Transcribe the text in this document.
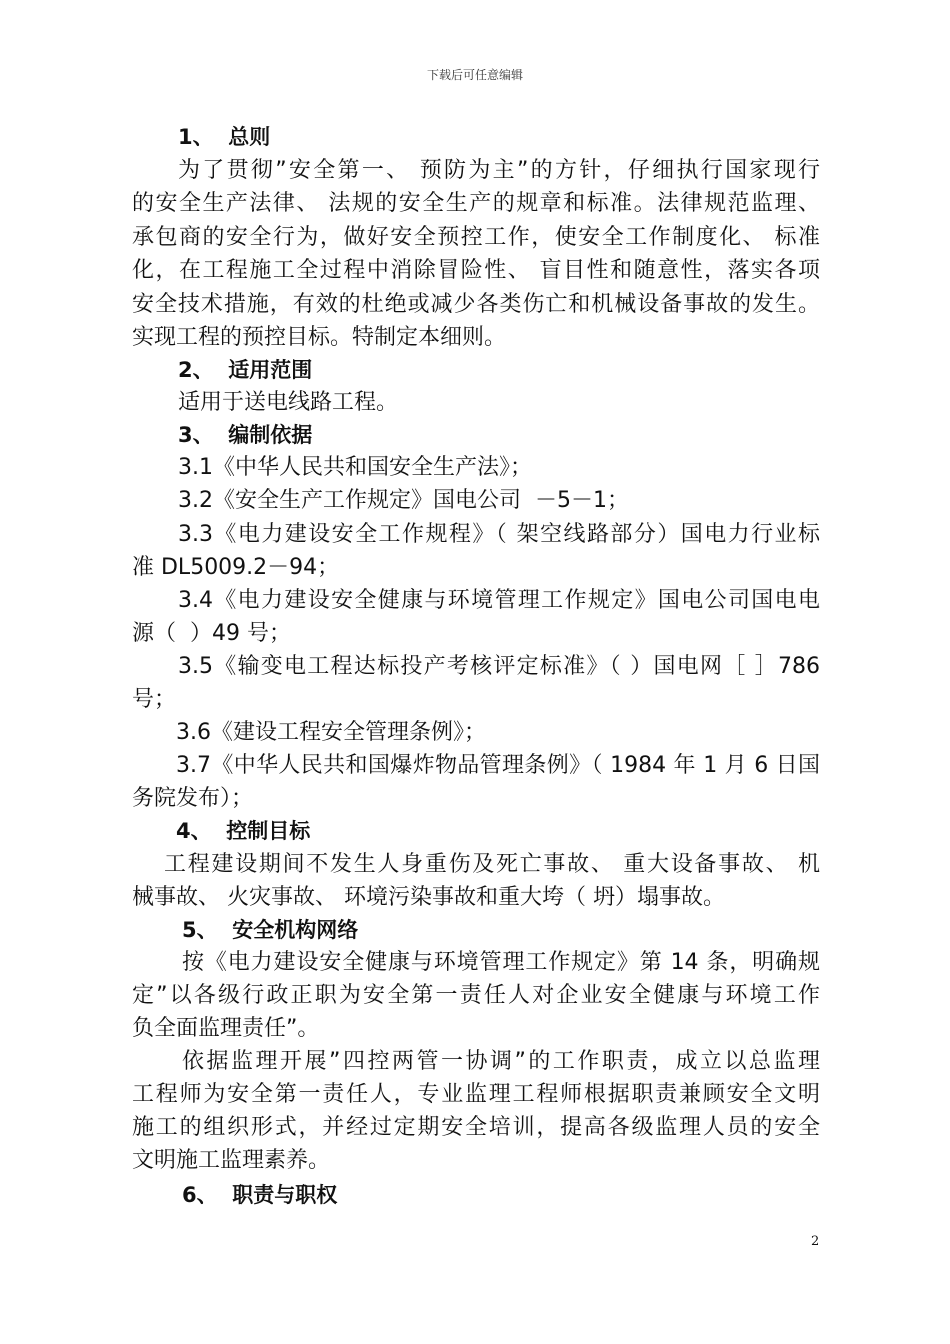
下载后可任意编辑
1、  总则
为了贯彻”安全第一、 预防为主”的方针，仔细执行国家现行
的安全生产法律、 法规的安全生产的规章和标准。法律规范监理、
承包商的安全行为，做好安全预控工作，使安全工作制度化、 标准
化，在工程施工全过程中消除冒险性、 盲目性和随意性，落实各项
安全技术措施，有效的杜绝或减少各类伤亡和机械设备事故的发生。
实现工程的预控目标。特制定本细则。
2、  适用范围
适用于送电线路工程。
3、  编制依据
3.1《中华人民共和国安全生产法》；
3.2《安全生产工作规定》国电公司  －5－1；
3.3《电力建设安全工作规程》（ 架空线路部分）国电力行业标
准 DL5009.2－94；
3.4《电力建设安全健康与环境管理工作规定》国电公司国电电
源（  ）49 号；
3.5《输变电工程达标投产考核评定标准》（ ）国电网［ ］786
号；
3.6《建设工程安全管理条例》；
3.7《中华人民共和国爆炸物品管理条例》（ 1984 年 1 月 6 日国
务院发布）；
4、  控制目标
工程建设期间不发生人身重伤及死亡事故、 重大设备事故、 机
械事故、 火灾事故、 环境污染事故和重大垮（ 坍）塌事故。
5、  安全机构网络
按《电力建设安全健康与环境管理工作规定》第 14 条，明确规
定”以各级行政正职为安全第一责任人对企业安全健康与环境工作
负全面监理责任”。
依据监理开展”四控两管一协调”的工作职责，成立以总监理
工程师为安全第一责任人，专业监理工程师根据职责兼顾安全文明
施工的组织形式，并经过定期安全培训，提高各级监理人员的安全
文明施工监理素养。
6、  职责与职权
2
